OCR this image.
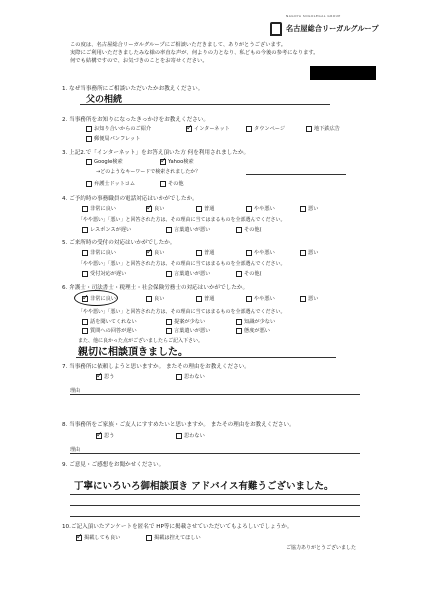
NAGOYA SOGOLEGAL GROUP
名古屋総合リーガルグループ
この度は、名古屋総合リーガルグループにご相談いただきまして、ありがとうございます。
実際にご利用いただきましたみな様の率直な声が、何よりの力となり、私どもの今後の参考になります。
何でも結構ですので、お気づきのことをお寄せください。
1. なぜ当事務所にご相談いただいたかお教えください。
父の相続
2. 当事務所をお知りになったきっかけをお教えください。
お知り合いからのご紹介 ✓	インターネット	タウンページ	地下鉄広告
郵便局パンフレット
3. 上記2.で「インターネット」をお答え頂いた方 何を利用されましたか。
Google検索 ✓	Yahoo検索
→どのようなキーワードで検索されましたか？
弁護士ドットコム	その他
4. ご予約時の事務職員の電話対応はいかがでしたか。
非常に良い ✓	良い	普通	やや悪い	悪い
「やや悪い」「悪い」と回答された方は、その理由に当てはまるものを全部選んでください。
レスポンスが遅い	言葉遣いが悪い	その他(
5. ご来所時の受付の対応はいかがでしたか。
非常に良い ✓	良い	普通	やや悪い	悪い
「やや悪い」「悪い」と回答された方は、その理由に当てはまるものを全部選んでください。
受付対応が遅い	言葉遣いが悪い	その他(
6. 弁護士・司法書士・税理士・社会保険労務士の対応はいかがでしたか。
✓
非常に良い	良い	普通	やや悪い	悪い
「やや悪い」「悪い」と回答された方は、その理由に当てはまるものを全部選んでください。
話を聞いてくれない	提案が少ない	知識が少ない
質問への回答が遅い	言葉遣いが悪い	態度が悪い
また、他に良かった点がございましたらご記入下さい。
親切に相談頂きました。
7. 当事務所に依頼しようと思いますか。 またその理由をお教えください。
✓
思う	思わない
理由
8. 当事務所をご家族・ご友人にすすめたいと思いますか。 またその理由をお教えください。
✓
思う	思わない
理由
9. ご意見・ご感想をお聞かせください。
丁寧にいろいろ御相談頂き アドバイス有難うございました。
10.ご記入頂いたアンケートを匿名で HP等に掲載させていただいてもよろしいでしょうか。
✓
掲載しても良い	掲載は控えてほしい
ご協力ありがとうございました
